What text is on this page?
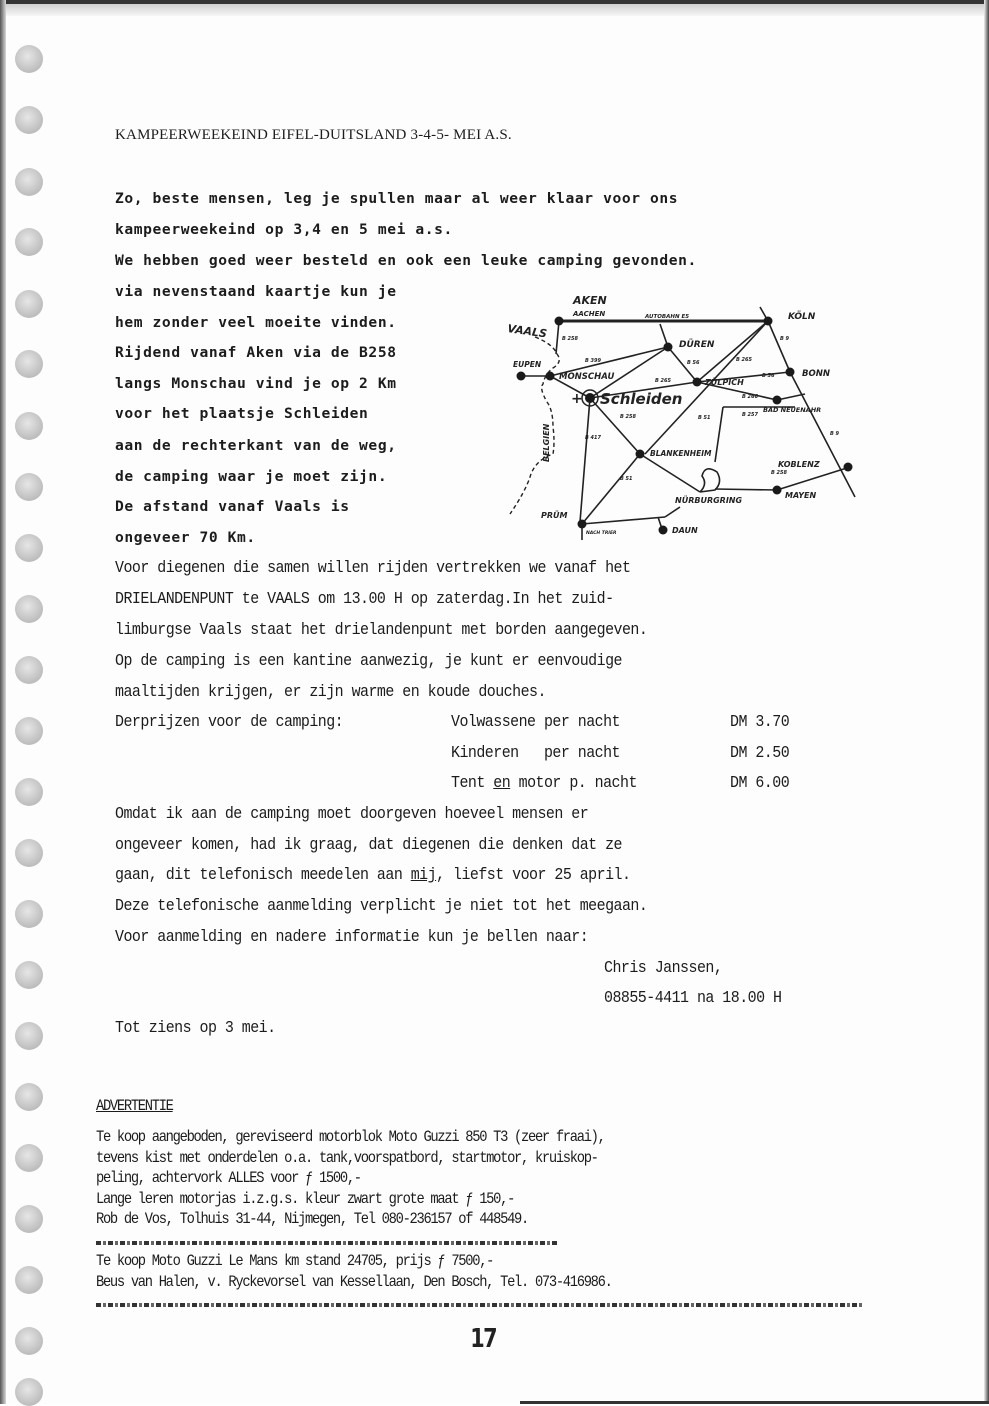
KAMPEERWEEKEIND EIFEL-DUITSLAND 3-4-5- MEI A.S.
Zo, beste mensen, leg je spullen maar al weer klaar voor ons
kampeerweekeind op 3,4 en 5 mei a.s.
We hebben goed weer besteld en ook een leuke camping gevonden.
via nevenstaand kaartje kun je
hem zonder veel moeite vinden.
Rijdend vanaf Aken via de B258
langs Monschau vind je op 2 Km
voor het plaatsje Schleiden
aan de rechterkant van de weg,
de camping waar je moet zijn.
De afstand vanaf Vaals is
ongeveer 70 Km.
+
AKEN
AACHEN
VAALS
AUTOBAHN E5	KÖLN
DÜREN
EUPEN
MONSCHAU
Schleiden
ZÜLPICH
BONN
BAD NEUENAHR
BLANKENHEIM
KOBLENZ
MAYEN
NÜRBURGRING
PRÜM
DAUN
BELGIEN
NACH TRIER
B 258
B 399	B 56
B 265
B 265
B 56
B 9
B 266
B 257
B 258	B 51
B 9
B 417
B 51
B 258
Voor diegenen die samen willen rijden vertrekken we vanaf het
DRIELANDENPUNT te VAALS om 13.00 H op zaterdag.In het zuid-
limburgse Vaals staat het drielandenpunt met borden aangegeven.
Op de camping is een kantine aanwezig, je kunt er eenvoudige
maaltijden krijgen, er zijn warme en koude douches.
Derprijzen voor de camping:	Volwassene per nacht	DM 3.70
Kinderen   per nacht	DM 2.50
Tent en motor p. nacht	DM 6.00
Omdat ik aan de camping moet doorgeven hoeveel mensen er
ongeveer komen, had ik graag, dat diegenen die denken dat ze
gaan, dit telefonisch meedelen aan mij, liefst voor 25 april.
Deze telefonische aanmelding verplicht je niet tot het meegaan.
Voor aanmelding en nadere informatie kun je bellen naar:
Chris Janssen,
08855-4411 na 18.00 H
Tot ziens op 3 mei.
ADVERTENTIE
Te koop aangeboden, gereviseerd motorblok Moto Guzzi 850 T3 (zeer fraai),
tevens kist met onderdelen o.a. tank,voorspatbord, startmotor, kruiskop-
peling, achtervork ALLES voor ƒ 1500,-
Lange leren motorjas i.z.g.s. kleur zwart grote maat ƒ 150,-
Rob de Vos, Tolhuis 31-44, Nijmegen, Tel 080-236157 of 448549.
Te koop Moto Guzzi Le Mans km stand 24705, prijs ƒ 7500,-
Beus van Halen, v. Ryckevorsel van Kessellaan, Den Bosch, Tel. 073-416986.
17
